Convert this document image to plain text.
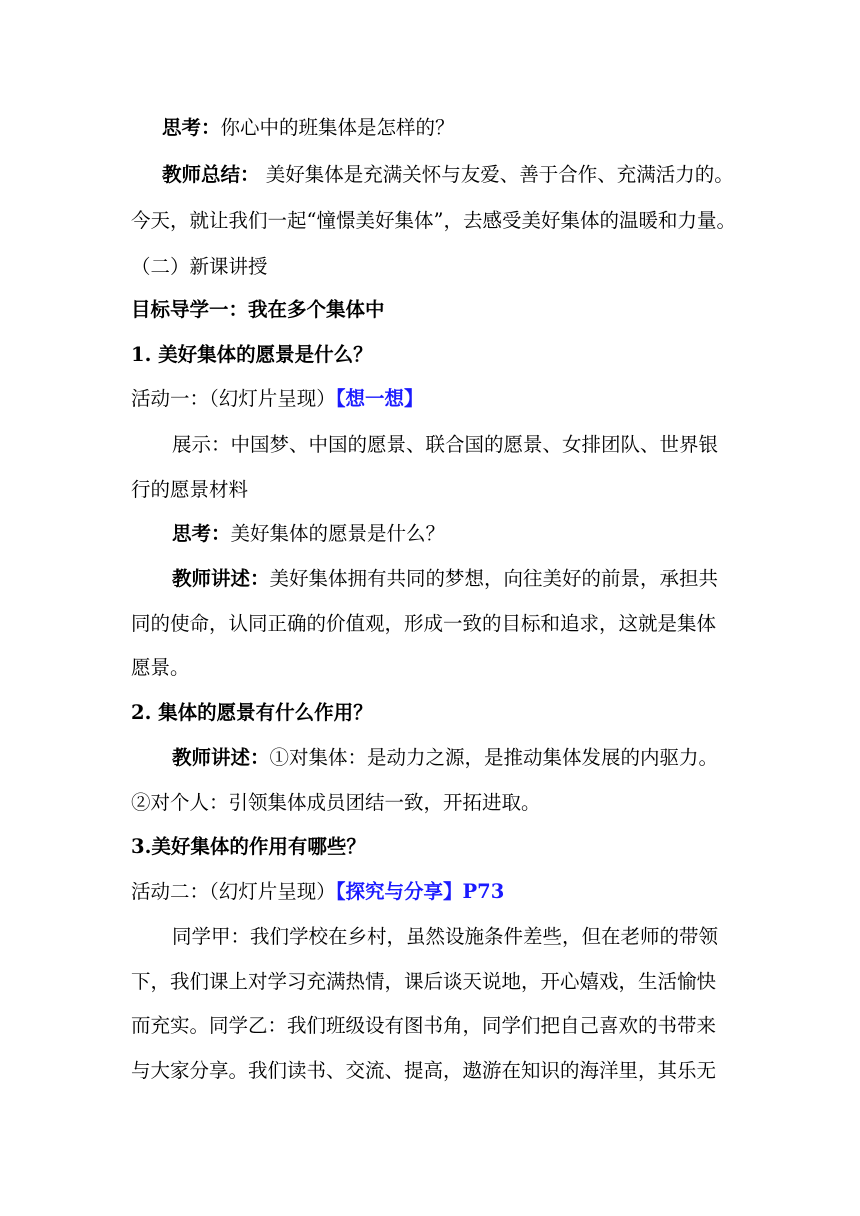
思考：你心中的班集体是怎样的？
教师总结： 美好集体是充满关怀与友爱、善于合作、充满活力的。
今天，就让我们一起“憧憬美好集体”，去感受美好集体的温暖和力量。
（二）新课讲授
目标导学一：我在多个集体中
1. 美好集体的愿景是什么？
活动一：（幻灯片呈现）【想一想】
展示：中国梦、中国的愿景、联合国的愿景、女排团队、世界银
行的愿景材料
思考：美好集体的愿景是什么？
教师讲述：美好集体拥有共同的梦想，向往美好的前景，承担共
同的使命，认同正确的价值观，形成一致的目标和追求，这就是集体
愿景。
2. 集体的愿景有什么作用？
教师讲述：①对集体：是动力之源，是推动集体发展的内驱力。
②对个人：引领集体成员团结一致，开拓进取。
3.美好集体的作用有哪些？
活动二：（幻灯片呈现）【探究与分享】P73
同学甲：我们学校在乡村，虽然设施条件差些，但在老师的带领
下，我们课上对学习充满热情，课后谈天说地，开心嬉戏，生活愉快
而充实。同学乙：我们班级设有图书角，同学们把自己喜欢的书带来
与大家分享。我们读书、交流、提高，遨游在知识的海洋里，其乐无
